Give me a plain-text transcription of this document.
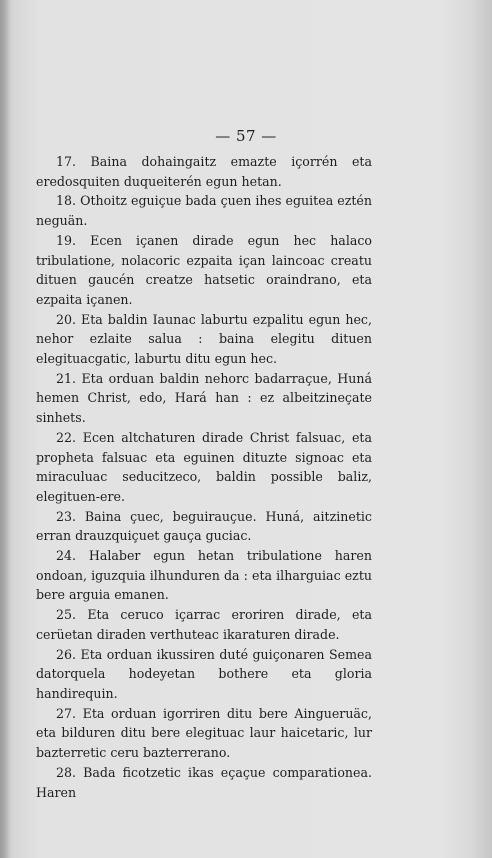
— 57 —

17. Baina dohaingaitz emazte içorrén eta eredosquiten duqueiterén egun hetan.

18. Othoitz eguiçue bada çuen ihes eguitea eztén neguän.

19. Ecen içanen dirade egun hec halaco tribulatione, nolacoric ezpaita içan laincoac creatu dituen gaucén creatze hatsetic oraindrano, eta ezpaita içanen.

20. Eta baldin Iaunac laburtu ezpalitu egun hec, nehor ezlaite salua : baina elegitu dituen elegituacgatic, laburtu ditu egun hec.

21. Eta orduan baldin nehorc badarraçue, Huná hemen Christ, edo, Hará han : ez albeitzineçate sinhets.

22. Ecen altchaturen dirade Christ falsuac, eta propheta falsuac eta eguinen dituzte signoac eta miraculuac seducitzeco, baldin possible baliz, elegituen-ere.

23. Baina çuec, beguirauçue. Huná, aitzinetic erran drauzquiçuet gauça guciac.

24. Halaber egun hetan tribulatione haren ondoan, iguzquia ilhunduren da : eta ilharguiac eztu bere arguia emanen.

25. Eta ceruco içarrac eroriren dirade, eta cerüetan diraden verthuteac ikaraturen dirade.

26. Eta orduan ikussiren duté guiçonaren Semea datorquela hodeyetan bothere eta gloria handirequin.

27. Eta orduan igorriren ditu bere Aingueruäc, eta bilduren ditu bere elegituac laur haicetaric, lur bazterretic ceru bazterrerano.

28. Bada ficotzetic ikas eçaçue comparationea. Haren
